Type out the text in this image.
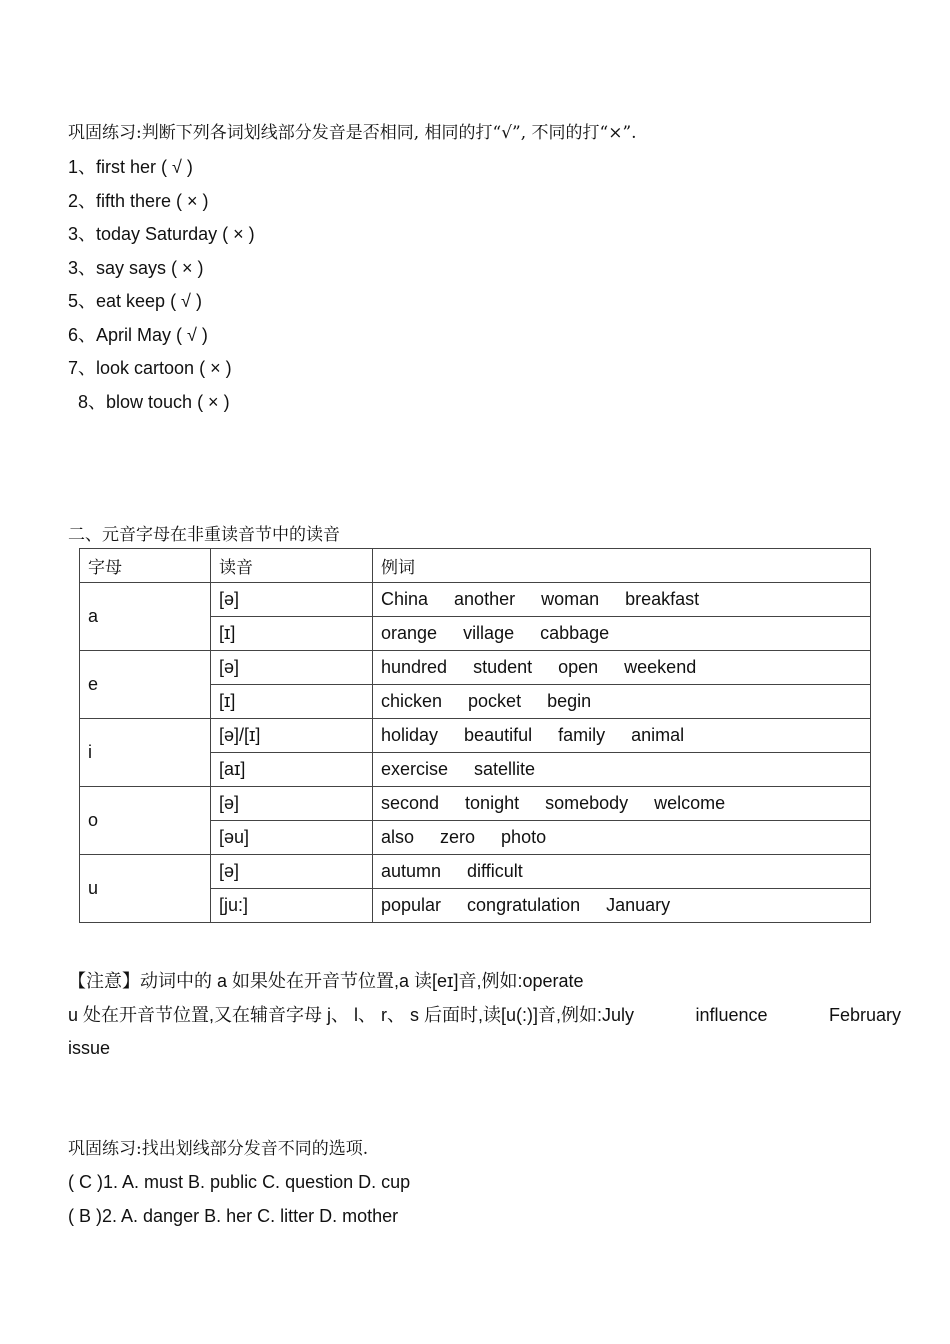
巩固练习:判断下列各词划线部分发音是否相同, 相同的打“√”, 不同的打“×”.
1、first her ( √ )
2、fifth there ( × )
3、today Saturday ( × )
3、say says ( × )
5、eat keep ( √ )
6、April May ( √ )
7、look cartoon ( × )
8、blow touch ( × )
二、元音字母在非重读音节中的读音
字母	读音	例词
a	[ə]	China another woman breakfast
	[ɪ]	orange village cabbage
e	[ə]	hundred student open weekend
	[ɪ]	chicken pocket begin
i	[ə]/[ɪ]	holiday beautiful family animal
	[aɪ]	exercise satellite
o	[ə]	second tonight somebody welcome
	[əu]	also zero photo
u	[ə]	autumn difficult
	[ju:]	popular congratulation January
【注意】动词中的 a 如果处在开音节位置,a 读[eɪ]音,例如:operate
u 处在开音节位置,又在辅音字母 j、 l、 r、 s 后面时,读[u(:)]音,例如:July	influence	February
issue
巩固练习:找出划线部分发音不同的选项.
( C )1. A. must B. public C. question D. cup
( B )2. A. danger B. her C. litter D. mother
